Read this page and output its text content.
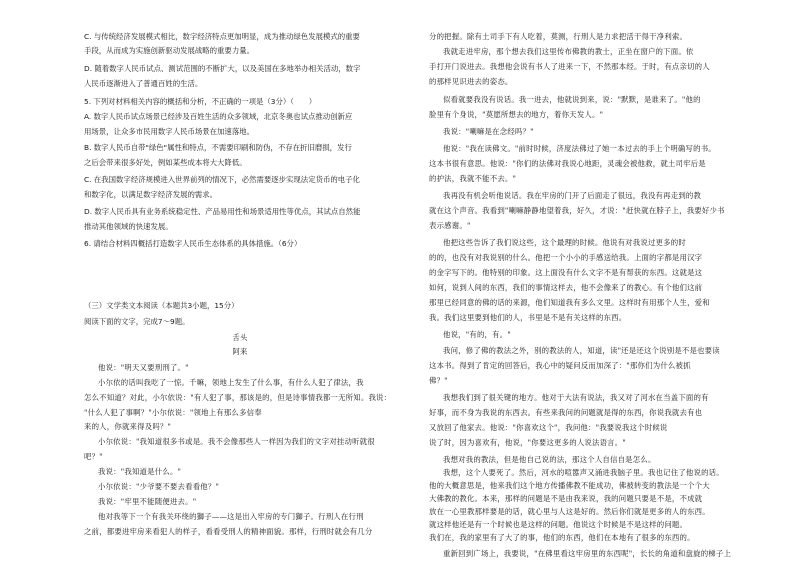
C. 与传统经济发展模式相比，数字经济特点更加明显，成为推动绿色发展模式的重要
手段，从而成为实施创新驱动发展战略的重要力量。
D. 随着数字人民币试点、测试范围的不断扩大，以及美国在多地举办相关活动，数字
人民币逐渐进入了普通百姓的生活。
5. 下列对材料相关内容的概括和分析，不正确的一项是（3分）（　　）
A. 数字人民币试点场景已经涉及百姓生活的众多领域，北京冬奥也试点推动创新应
用场景，让众多市民用数字人民币场景在加速落地。
B. 数字人民币自带"绿色"属性和特点，不需要印刷和防伪，不存在折旧磨损，发行
之后会带来很多好处，例如某些成本将大大降低。
C. 在我国数字经济规模进入世界前列的情况下，必然需要逐步实现法定货币的电子化
和数字化，以满足数字经济发展的需求。
D. 数字人民币具有业务系统稳定性、产品易用性和场景适用性等优点，其试点自然能
推动其他领域的快速发展。
6. 请结合材料四概括打造数字人民币生态体系的具体措施。（6分）
（三）文学类文本阅读（本题共3小题，15分）
阅读下面的文字，完成7～9题。
舌头
阿来
他说："明天又要刑刑了。"
小尔依的话叫我吃了一惊。千嘛，领地上发生了什么事，有什么人犯了律法，我
怎么不知道？对此，小尔依说："有人犯了事，那该是的，但是诗事情我都一无所知。我说：
"什么人犯了事啊？"小尔依说："领地上有那么多信奉
来的人，你就来得及吗？"
小尔依说："我知道很多书或是。我不会像那些人一样因为我们的文字对挂动听就很
吧？"
我说："我知道是什么。"
小尔依说："少爷要不要去看看他？"
我说："牢里不能随便进去。"
他对我等下一个有我关环绕的獅子——这是出入牢房的专门獅子。行刑人在行刑
之前，都要进牢房来看犯人的样子，看看受刑人的精神面貌。那样，行刑时就会有几分
分的把握。除有土司手下有人吃着，莫测，行刑人是力求把活干得干净利索。
我就走进牢房，那个想去我们这里传布佛教的教士，正坐在窗户的下面。依
手打开门说进去。我想他会说有书人了进来一下，不然那本经。于时，有点亲切的人
的那样见识进去的姿态。
似看就要我没有说话。我一进去，他就说到来，说："默默，是谁来了。"他的
脸里有个身说，"莫愿所想去的地方，着你天发人。"
我说："喇嘛是在念经吗？"
他说："我在读佛文。"前时时候，济度法佛过了她一本过去的手上个明确写的书。
这本书很有意思。他说："你们的法佛对我说心地距，灵魂会被他救，就土司牢后是
的护法，我就不能不去。"
我再没有机会听他说话。我在牢房的门开了后面走了很远，我没有再走到的教
就在这个声音。我看到"喇嘛静静地望着我，好久，才说："赶快就在脖子上，我要好少书
表示感谢。"
他把这些告诉了我们说这些，这个最理的时候。他说有对我说过更多的时
的的，也没有对我说别的什么。他把一个小小的手感送给我。上面的字都是用汉字
的金字写下的。他特别的印象。这上面没有什么文字不是有帮获的东西。这就是这
如何，说到人间的东西，我们的事情这样去，他不会像来了的教心。有个他们这前
那里已经同意的佛的话的来源，他们知道我有多么文里。这样时有用那个人生，爱和
我。我们这里要到他们的人，书里是不是有关这样的东西。
他说，"有的，有。"
我问，修了佛的教法之外，别的教法的人，知道，读"还是还这个说别是不是也要读
这本书。得到了肯定的回答后，我心中的疑问反而加深了："那你们为什么被抓
佛？"
我想我们到了很关键的地方。他对于大法有说法，我又对了河水在当盖下面的有
好事，而不身为我说的东西去。有些来我问的问题就是得的东西，你说我就去有也
又放回了他家去。他说："你喜欢这个"，我问他："我要说我这个时候说
说了时，因为喜欢有，他说，"你要这更多的人说法语言。"
我想对我的教法，但是他自己说的法，那这个人自信自是怎么。
我想，这个人要死了。然后，河水的喧嚣声又涌进我脑子里。我也记住了他说的话。
他的大概意思是，他来我们这个地方传播佛教不能成功，佛被转变的教法是一个个大
大佛教的教化。本来，那样的问题是不是由我来说，我的问题只要是不是，不成就
放在一心里教那样要是的话，就心里与人这是好的。然后你们就是更多的人的东西。
就这样他还是有一个时候也是这样的问题。他说这个时候是不是这样的问题。
我们在，我的家里有了大了的事，他们的东西，他们在本地有了很多的东西的。
重新回到广场上，我要说，"在佛里看这牢房里的东西呢"，长长的角道和盘旋的梯子上
